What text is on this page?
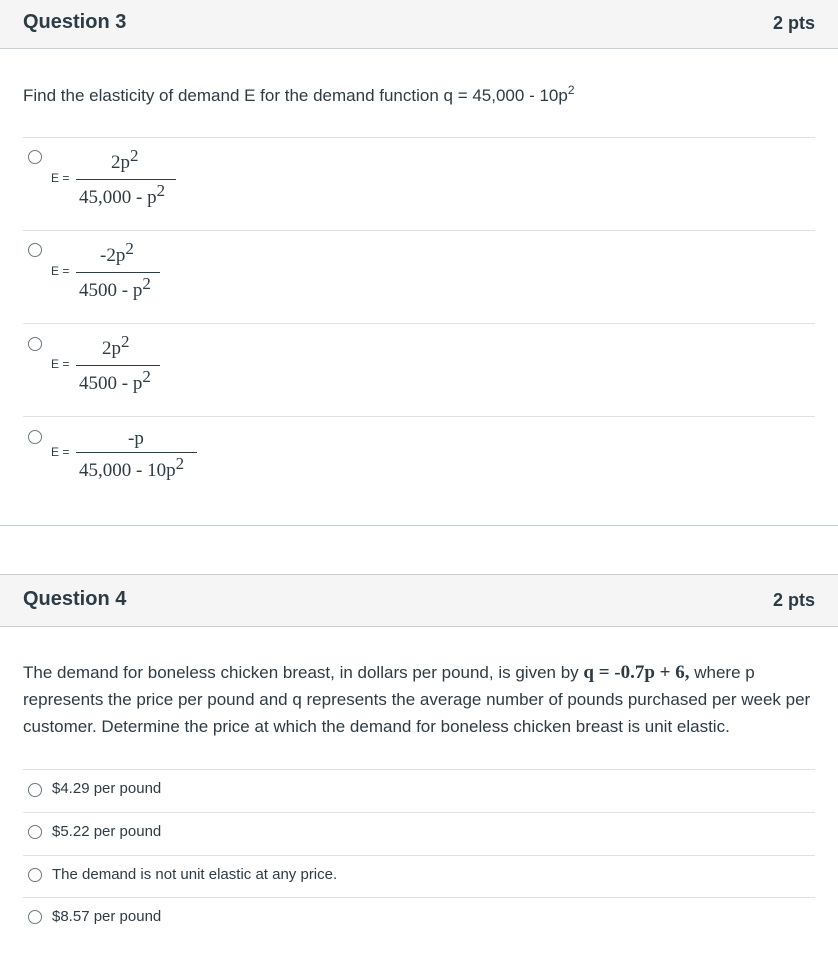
Question 3	2 pts
Find the elasticity of demand E for the demand function $q = 45,000 - 10p^2$
E =
$2p^2$
$45,000 - p^2$
E =
$-2p^2$
$4500 - p^2$
E =
$2p^2$
$4500 - p^2$
E =
-p
$45,000 - 10p^2$
Question 4	2 pts
The demand for boneless chicken breast, in dollars per pound, is given by q = -0.7p + 6, where p represents the price per pound and q represents the average number of pounds purchased per week per customer. Determine the price at which the demand for boneless chicken breast is unit elastic.
$4.29 per pound
$5.22 per pound
The demand is not unit elastic at any price.
$8.57 per pound
